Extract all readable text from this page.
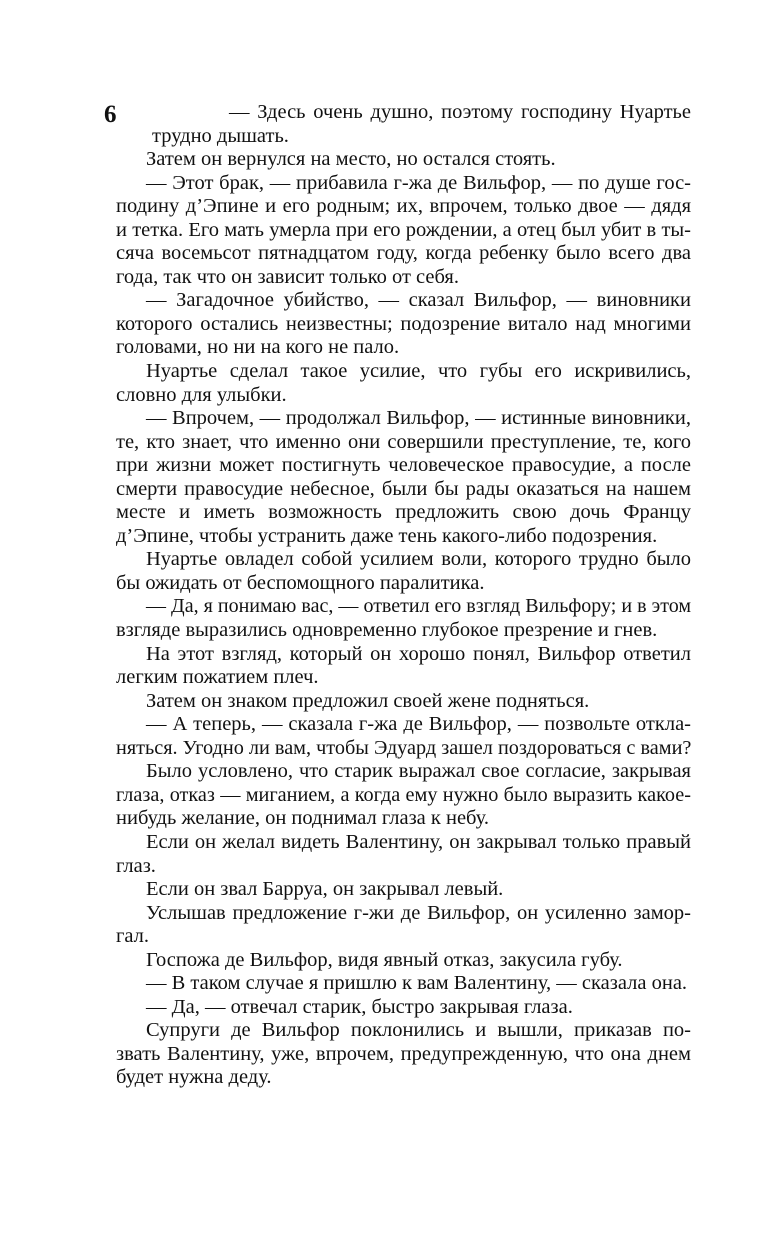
6	— Здесь очень душно, поэтому господину Нуартье
трудно дышать.
Затем он вернулся на место, но остался стоять.
— Этот брак, — прибавила г-жа де Вильфор, — по душе гос-
подину д’Эпине и его родным; их, впрочем, только двое — дядя
и тетка. Его мать умерла при его рождении, а отец был убит в ты-
сяча восемьсот пятнадцатом году, когда ребенку было всего два
года, так что он зависит только от себя.
— Загадочное убийство, — сказал Вильфор, — виновники
которого остались неизвестны; подозрение витало над многими
головами, но ни на кого не пало.
Нуартье сделал такое усилие, что губы его искривились,
словно для улыбки.
— Впрочем, — продолжал Вильфор, — истинные виновники,
те, кто знает, что именно они совершили преступление, те, кого
при жизни может постигнуть человеческое правосудие, а после
смерти правосудие небесное, были бы рады оказаться на нашем
месте и иметь возможность предложить свою дочь Францу
д’Эпине, чтобы устранить даже тень какого-либо подозрения.
Нуартье овладел собой усилием воли, которого трудно было
бы ожидать от беспомощного паралитика.
— Да, я понимаю вас, — ответил его взгляд Вильфору; и в этом
взгляде выразились одновременно глубокое презрение и гнев.
На этот взгляд, который он хорошо понял, Вильфор ответил
легким пожатием плеч.
Затем он знаком предложил своей жене подняться.
— А теперь, — сказала г-жа де Вильфор, — позвольте откла-
няться. Угодно ли вам, чтобы Эдуард зашел поздороваться с вами?
Было условлено, что старик выражал свое согласие, закрывая
глаза, отказ — миганием, а когда ему нужно было выразить какое-
нибудь желание, он поднимал глаза к небу.
Если он желал видеть Валентину, он закрывал только правый
глаз.
Если он звал Барруа, он закрывал левый.
Услышав предложение г-жи де Вильфор, он усиленно замор-
гал.
Госпожа де Вильфор, видя явный отказ, закусила губу.
— В таком случае я пришлю к вам Валентину, — сказала она.
— Да, — отвечал старик, быстро закрывая глаза.
Супруги де Вильфор поклонились и вышли, приказав по-
звать Валентину, уже, впрочем, предупрежденную, что она днем
будет нужна деду.
